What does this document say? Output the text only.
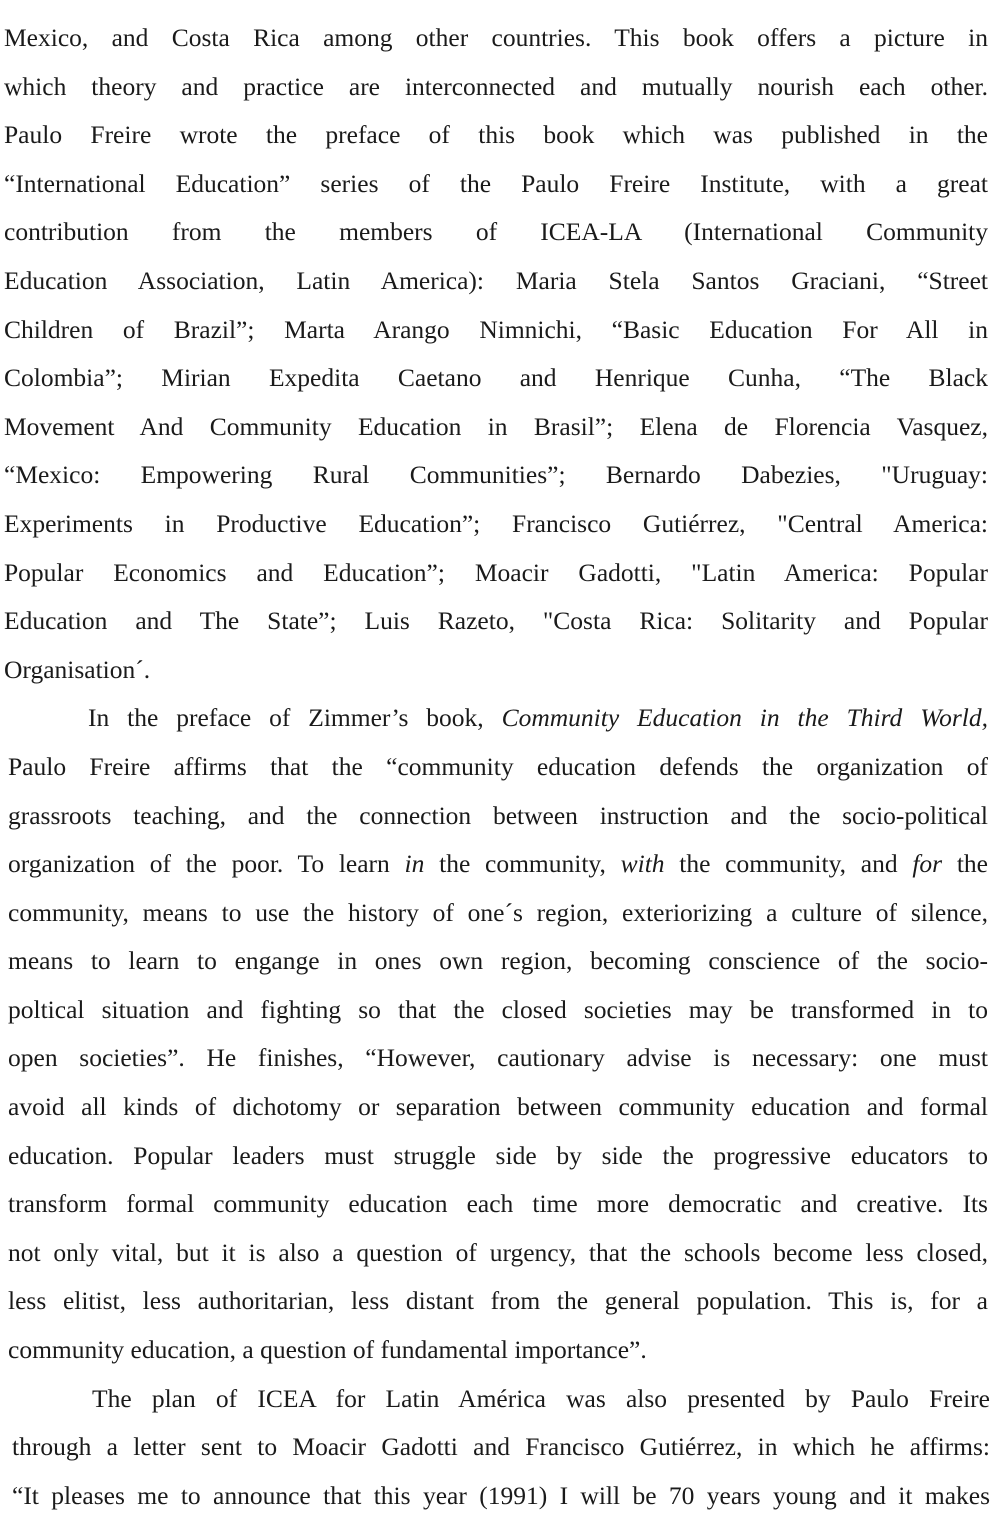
Mexico, and Costa Rica among other countries. This book offers a picture in
which theory and practice are interconnected and mutually nourish each other.
Paulo Freire wrote the preface of this book which was published in the
“International Education” series of the Paulo Freire Institute, with a great
contribution from the members of ICEA-LA (International Community
Education Association, Latin America): Maria Stela Santos Graciani, “Street
Children of Brazil”; Marta Arango Nimnichi, “Basic Education For All in
Colombia”; Mirian Expedita Caetano and Henrique Cunha, “The Black
Movement And Community Education in Brasil”; Elena de Florencia Vasquez,
“Mexico: Empowering Rural Communities”; Bernardo Dabezies, "Uruguay:
Experiments in Productive Education”; Francisco Gutiérrez, "Central America:
Popular Economics and Education”; Moacir Gadotti, "Latin America: Popular
Education and The State”; Luis Razeto, "Costa Rica: Solitarity and Popular
Organisation´.
In the preface of Zimmer’s book, Community Education in the Third World,
Paulo Freire affirms that the “community education defends the organization of
grassroots teaching, and the connection between instruction and the socio-political
organization of the poor. To learn in the community, with the community, and for the
community, means to use the history of one´s region, exteriorizing a culture of silence,
means to learn to engange in ones own region, becoming conscience of the socio-
poltical situation and fighting so that the closed societies may be transformed in to
open societies”. He finishes, “However, cautionary advise is necessary: one must
avoid all kinds of dichotomy or separation between community education and formal
education. Popular leaders must struggle side by side the progressive educators to
transform formal community education each time more democratic and creative. Its
not only vital, but it is also a question of urgency, that the schools become less closed,
less elitist, less authoritarian, less distant from the general population. This is, for a
community education, a question of fundamental importance”.
The plan of ICEA for Latin América was also presented by Paulo Freire
through a letter sent to Moacir Gadotti and Francisco Gutiérrez, in which he affirms:
“It pleases me to announce that this year (1991) I will be 70 years young and it makes
